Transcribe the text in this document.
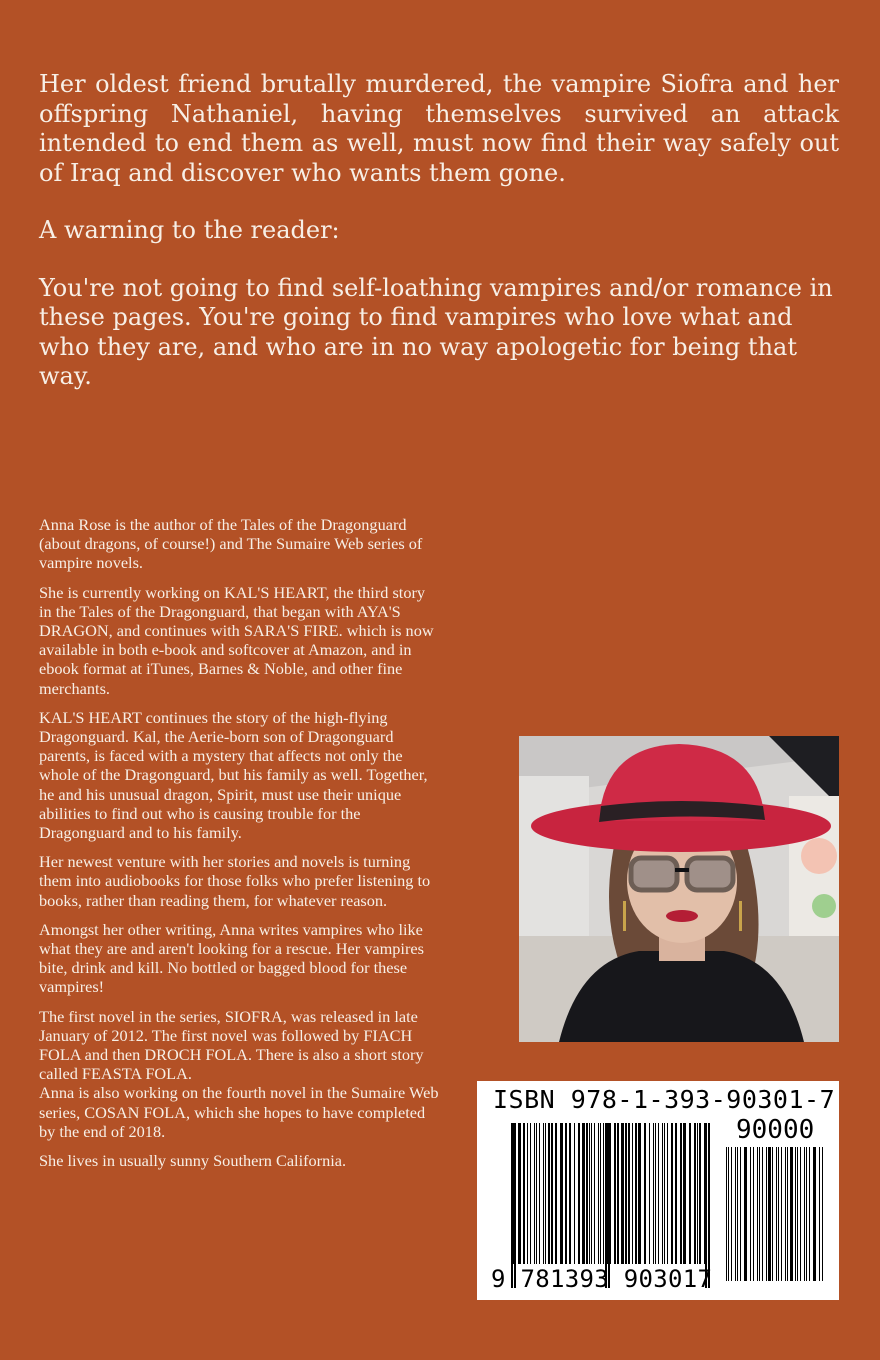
Her oldest friend brutally murdered, the vampire Siofra and her offspring Nathaniel, having themselves survived an attack intended to end them as well, must now find their way safely out of Iraq and discover who wants them gone.

A warning to the reader:

You're not going to find self-loathing vampires and/or romance in these pages. You're going to find vampires who love what and who they are, and who are in no way apologetic for being that way.

Anna Rose is the author of the Tales of the Dragonguard (about dragons, of course!) and The Sumaire Web series of vampire novels.

She is currently working on KAL'S HEART, the third story in the Tales of the Dragonguard, that began with AYA'S DRAGON, and continues with SARA'S FIRE. which is now available in both e-book and softcover at Amazon, and in ebook format at iTunes, Barnes & Noble, and other fine merchants.

KAL'S HEART continues the story of the high-flying Dragonguard. Kal, the Aerie-born son of Dragonguard parents, is faced with a mystery that affects not only the whole of the Dragonguard, but his family as well. Together, he and his unusual dragon, Spirit, must use their unique abilities to find out who is causing trouble for the Dragonguard and to his family.

Her newest venture with her stories and novels is turning them into audiobooks for those folks who prefer listening to books, rather than reading them, for whatever reason.

Amongst her other writing, Anna writes vampires who like what they are and aren't looking for a rescue. Her vampires bite, drink and kill. No bottled or bagged blood for these vampires!

The first novel in the series, SIOFRA, was released in late January of 2012. The first novel was followed by FIACH FOLA and then DROCH FOLA. There is also a short story called FEASTA FOLA.

Anna is also working on the fourth novel in the Sumaire Web series, COSAN FOLA, which she hopes to have completed by the end of 2018.

She lives in usually sunny Southern California.

ISBN 978-1-393-90301-7
90000
9 781393 903017
